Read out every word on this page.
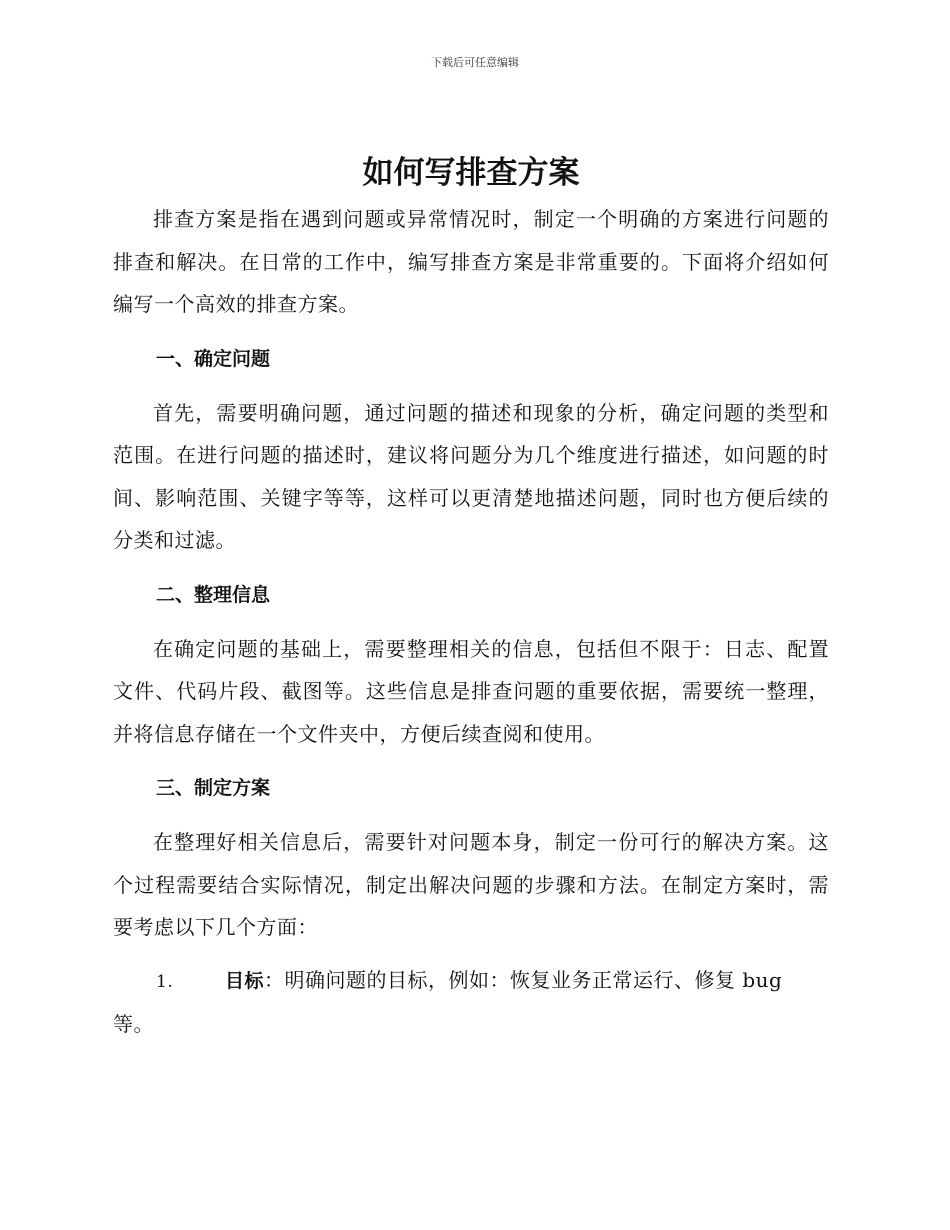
下载后可任意编辑
如何写排查方案

排查方案是指在遇到问题或异常情况时，制定一个明确的方案进行问题的排查和解决。在日常的工作中，编写排查方案是非常重要的。下面将介绍如何编写一个高效的排查方案。

一、确定问题

首先，需要明确问题，通过问题的描述和现象的分析，确定问题的类型和范围。在进行问题的描述时，建议将问题分为几个维度进行描述，如问题的时间、影响范围、关键字等等，这样可以更清楚地描述问题，同时也方便后续的分类和过滤。

二、整理信息

在确定问题的基础上，需要整理相关的信息，包括但不限于：日志、配置文件、代码片段、截图等。这些信息是排查问题的重要依据，需要统一整理，并将信息存储在一个文件夹中，方便后续查阅和使用。

三、制定方案

在整理好相关信息后，需要针对问题本身，制定一份可行的解决方案。这个过程需要结合实际情况，制定出解决问题的步骤和方法。在制定方案时，需要考虑以下几个方面：

1.	目标：明确问题的目标，例如：恢复业务正常运行、修复 bug 等。
